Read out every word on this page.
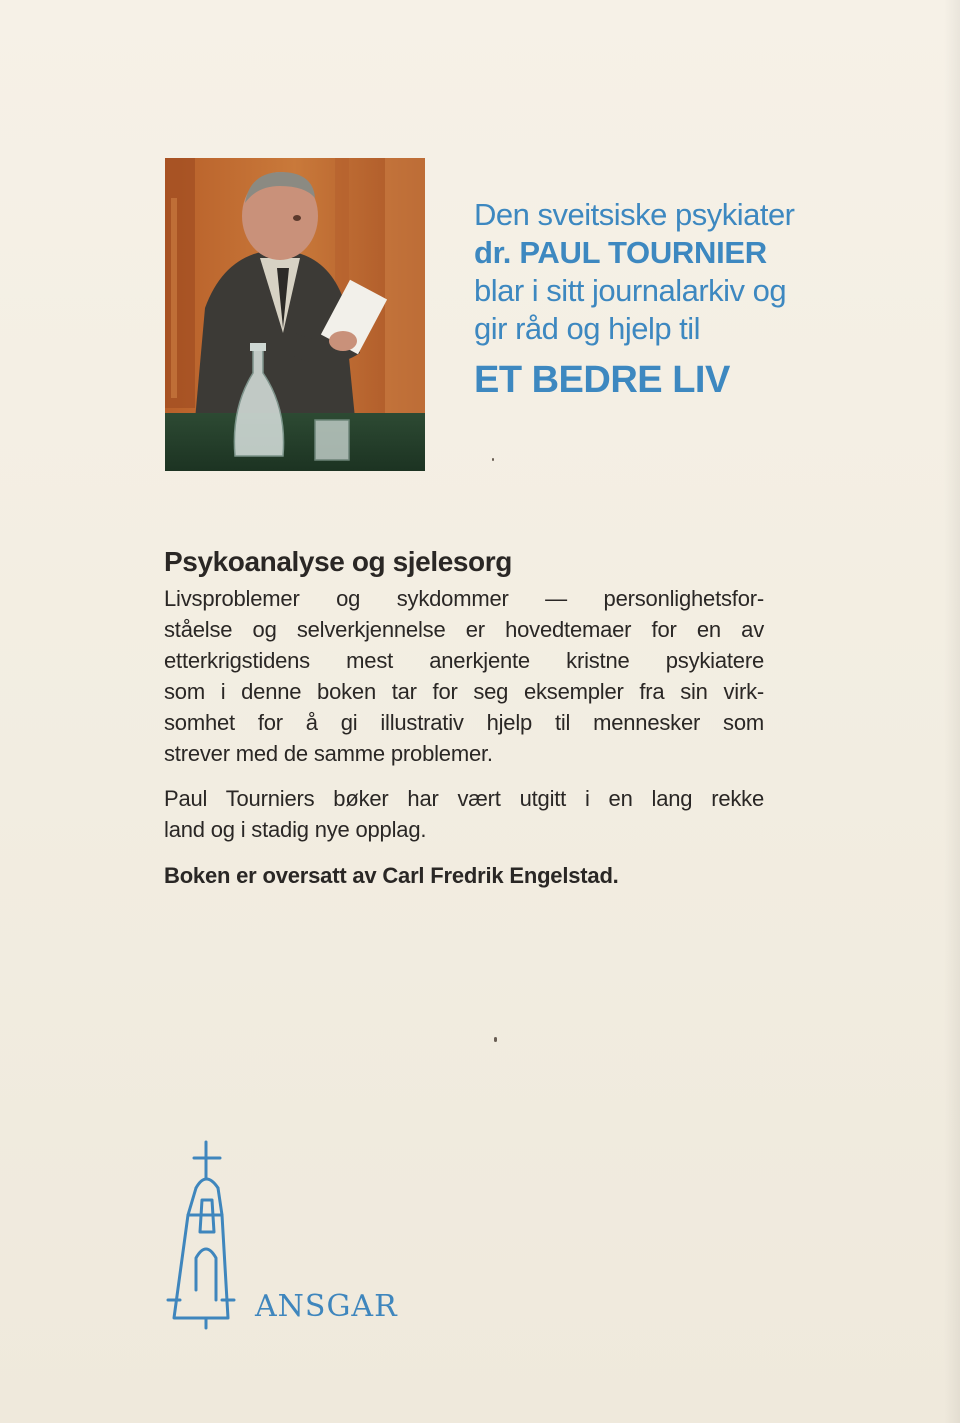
Den sveitsiske psykiater
dr. PAUL TOURNIER
blar i sitt journalarkiv og
gir råd og hjelp til
ET BEDRE LIV
Psykoanalyse og sjelesorg

Livsproblemer og sykdommer — personlighetsfor-
ståelse og selverkjennelse er hovedtemaer for en av
etterkrigstidens mest anerkjente kristne psykiatere
som i denne boken tar for seg eksempler fra sin virk-
somhet for å gi illustrativ hjelp til mennesker som
strever med de samme problemer.

Paul Tourniers bøker har vært utgitt i en lang rekke
land og i stadig nye opplag.

Boken er oversatt av Carl Fredrik Engelstad.
ANSGAR
